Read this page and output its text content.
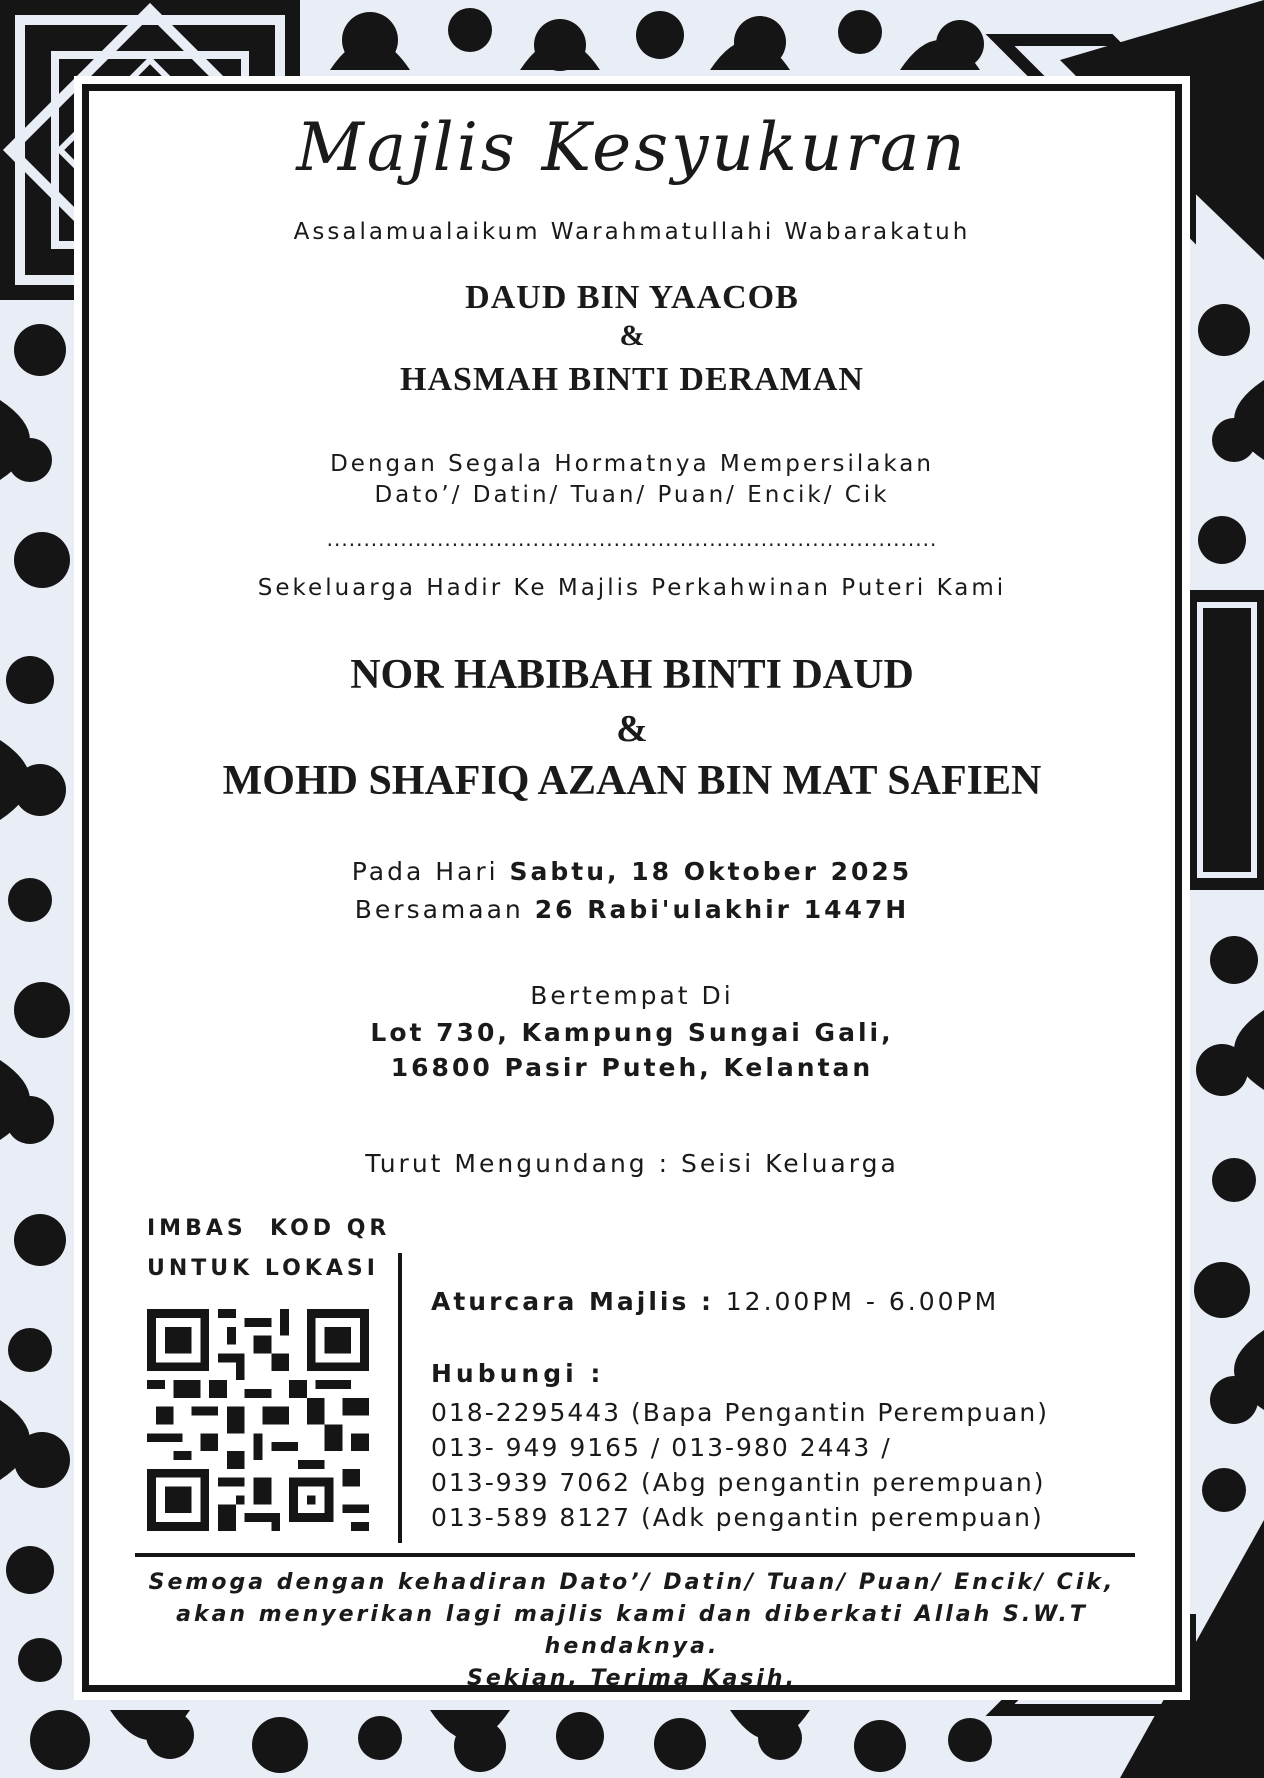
Majlis Kesyukuran
Assalamualaikum Warahmatullahi Wabarakatuh
DAUD BIN YAACOB
&
HASMAH BINTI DERAMAN
Dengan Segala Hormatnya Mempersilakan
Dato’/ Datin/ Tuan/ Puan/ Encik/ Cik
...................................................................................
Sekeluarga Hadir Ke Majlis Perkahwinan Puteri Kami
NOR HABIBAH BINTI DAUD
&
MOHD SHAFIQ AZAAN BIN MAT SAFIEN
Pada Hari Sabtu, 18 Oktober 2025
Bersamaan 26 Rabi'ulakhir 1447H
Bertempat Di
Lot 730, Kampung Sungai Gali,
16800 Pasir Puteh, Kelantan
Turut Mengundang : Seisi Keluarga
IMBAS  KOD QR
UNTUK LOKASI
Aturcara Majlis : 12.00PM - 6.00PM
Hubungi :
018-2295443 (Bapa Pengantin Perempuan)
013- 949 9165 / 013-980 2443 /
013-939 7062 (Abg pengantin perempuan)
013-589 8127 (Adk pengantin perempuan)
Semoga dengan kehadiran Dato’/ Datin/ Tuan/ Puan/ Encik/ Cik,
akan menyerikan lagi majlis kami dan diberkati Allah S.W.T hendaknya.
Sekian, Terima Kasih.
